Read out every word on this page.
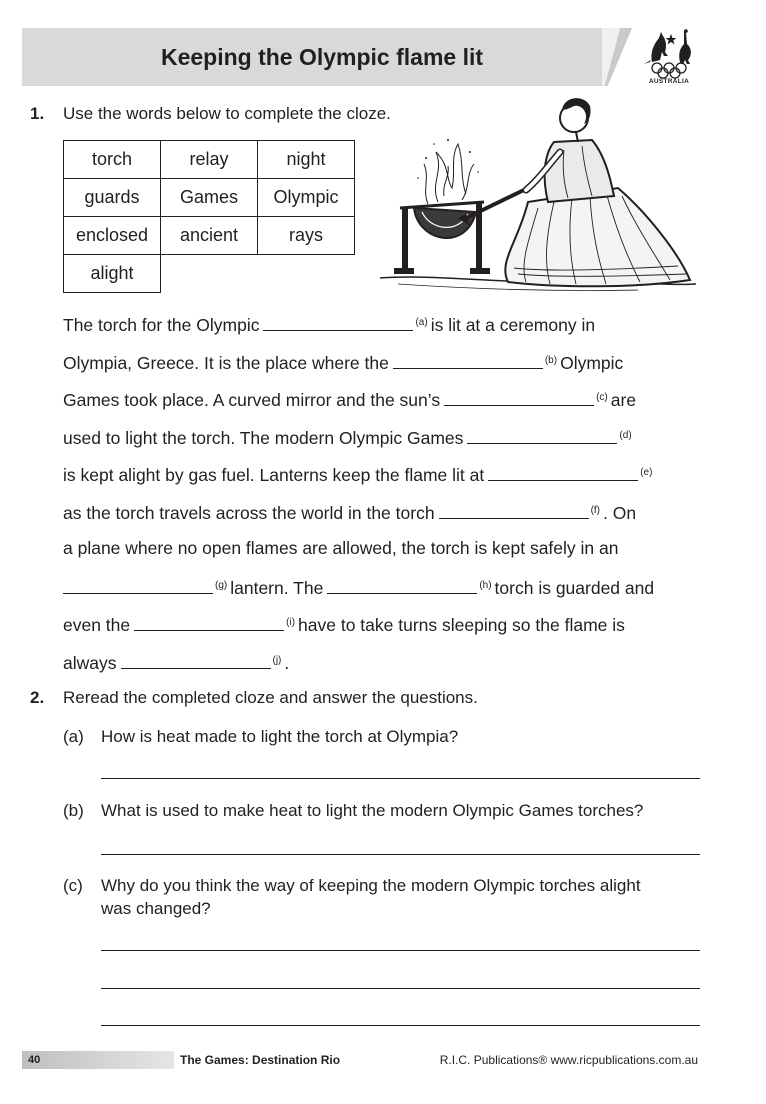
Keeping the Olympic flame lit
AUSTRALIA
1. Use the words below to complete the cloze.
torch	relay	night
guards	Games	Olympic
enclosed	ancient	rays
alight		
The torch for the Olympic	$^{(a)}$ is lit at a ceremony in
Olympia, Greece. It is the place where the	$^{(b)}$ Olympic
Games took place. A curved mirror and the sun’s	$^{(c)}$ are
used to light the torch. The modern Olympic Games	$^{(d)}$
is kept alight by gas fuel. Lanterns keep the flame lit at	$^{(e)}$
as the torch travels across the world in the torch	$^{(f)}$ . On
a plane where no open flames are allowed, the torch is kept safely in an
$^{(g)}$ lantern. The	$^{(h)}$ torch is guarded and
even the	$^{(i)}$ have to take turns sleeping so the flame is
always	$^{(j)}$ .
2. Reread the completed cloze and answer the questions.
(a) How is heat made to light the torch at Olympia?
(b) What is used to make heat to light the modern Olympic Games torches?
(c) Why do you think the way of keeping the modern Olympic torches alight
was changed?
40	The Games: Destination Rio	R.I.C. Publications® www.ricpublications.com.au
